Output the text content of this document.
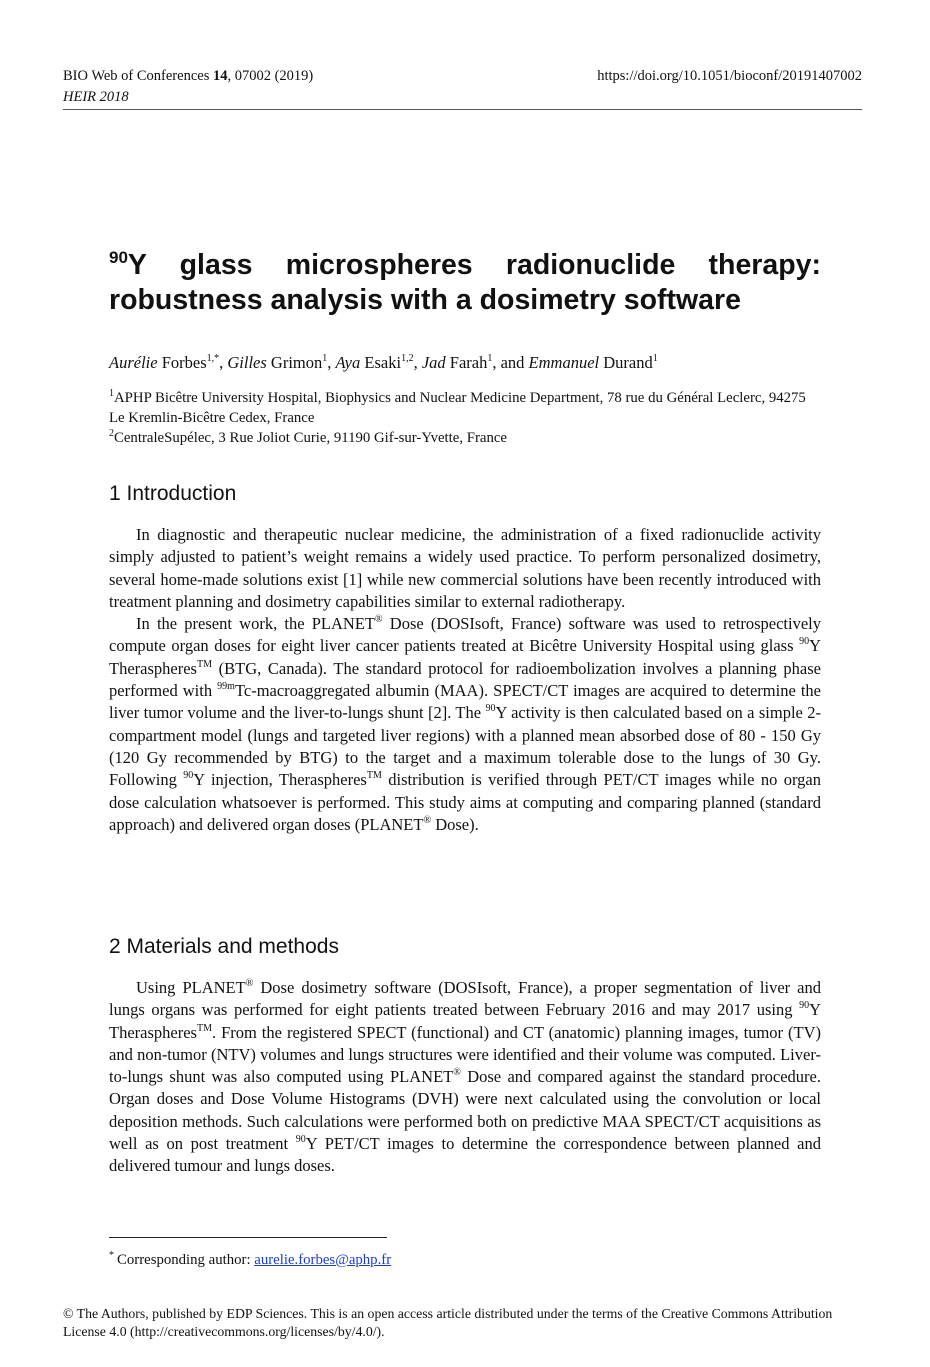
BIO Web of Conferences 14, 07002 (2019)
HEIR 2018
https://doi.org/10.1051/bioconf/20191407002
$^{90}$Y glass microspheres radionuclide therapy: robustness analysis with a dosimetry software
Aurélie Forbes$^{1,*}$, Gilles Grimon$^1$, Aya Esaki$^{1,2}$, Jad Farah$^1$, and Emmanuel Durand$^1$

$^1$APHP Bicêtre University Hospital, Biophysics and Nuclear Medicine Department, 78 rue du Général Leclerc, 94275 Le Kremlin-Bicêtre Cedex, France

$^2$CentraleSupélec, 3 Rue Joliot Curie, 91190 Gif-sur-Yvette, France

1 Introduction

In diagnostic and therapeutic nuclear medicine, the administration of a fixed radionuclide activity simply adjusted to patient’s weight remains a widely used practice. To perform personalized dosimetry, several home-made solutions exist [1] while new commercial solutions have been recently introduced with treatment planning and dosimetry capabilities similar to external radiotherapy.

In the present work, the PLANET® Dose (DOSIsoft, France) software was used to retrospectively compute organ doses for eight liver cancer patients treated at Bicêtre University Hospital using glass $^{90}$Y Theraspheres™ (BTG, Canada). The standard protocol for radioembolization involves a planning phase performed with $^{99m}$Tc-macroaggregated albumin (MAA). SPECT/CT images are acquired to determine the liver tumor volume and the liver-to-lungs shunt [2]. The $^{90}$Y activity is then calculated based on a simple 2-compartment model (lungs and targeted liver regions) with a planned mean absorbed dose of 80 - 150 Gy (120 Gy recommended by BTG) to the target and a maximum tolerable dose to the lungs of 30 Gy. Following $^{90}$Y injection, Theraspheres™ distribution is verified through PET/CT images while no organ dose calculation whatsoever is performed. This study aims at computing and comparing planned (standard approach) and delivered organ doses (PLANET® Dose).

2 Materials and methods

Using PLANET® Dose dosimetry software (DOSIsoft, France), a proper segmentation of liver and lungs organs was performed for eight patients treated between February 2016 and may 2017 using $^{90}$Y Theraspheres™. From the registered SPECT (functional) and CT (anatomic) planning images, tumor (TV) and non-tumor (NTV) volumes and lungs structures were identified and their volume was computed. Liver-to-lungs shunt was also computed using PLANET® Dose and compared against the standard procedure. Organ doses and Dose Volume Histograms (DVH) were next calculated using the convolution or local deposition methods. Such calculations were performed both on predictive MAA SPECT/CT acquisitions as well as on post treatment $^{90}$Y PET/CT images to determine the correspondence between planned and delivered tumour and lungs doses.

* Corresponding author: aurelie.forbes@aphp.fr
© The Authors, published by EDP Sciences. This is an open access article distributed under the terms of the Creative Commons Attribution License 4.0 (http://creativecommons.org/licenses/by/4.0/).
